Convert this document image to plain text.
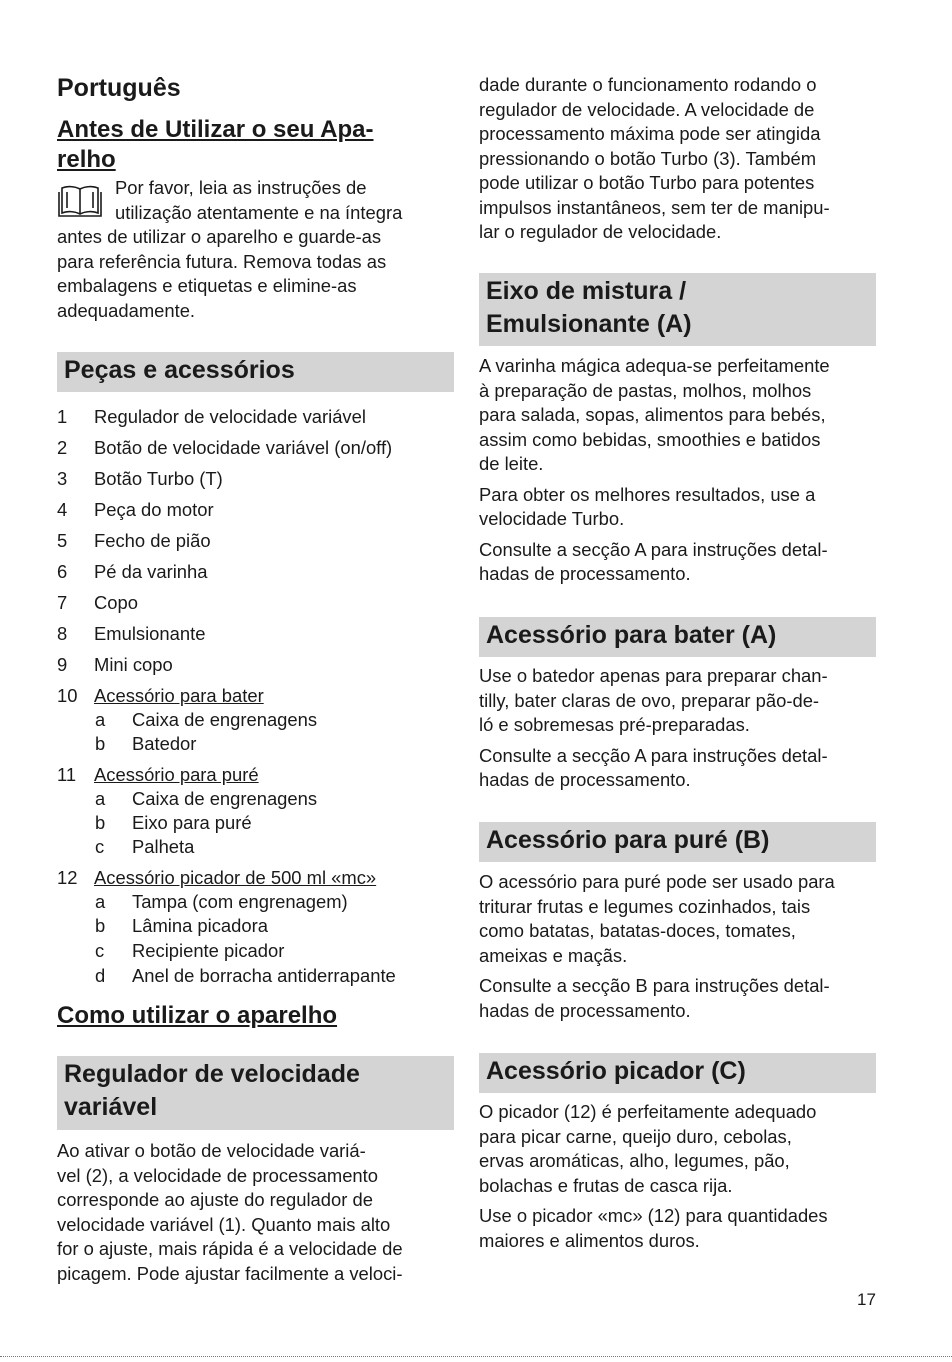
Português
Antes de Utilizar o seu Apa-
relho

Por favor, leia as instruções de

utilização atentamente e na íntegra

antes de utilizar o aparelho e guarde-as

para referência futura. Remova todas as

embalagens e etiquetas e elimine-as

adequadamente.

Peças e acessórios
1 Regulador de velocidade variável
2 Botão de velocidade variável (on/off)
3 Botão Turbo (T)
4 Peça do motor
5 Fecho de pião
6 Pé da varinha
7 Copo
8 Emulsionante
9 Mini copo
10 Acessório para bater
a Caixa de engrenagens
b Batedor
11 Acessório para puré
a Caixa de engrenagens
b Eixo para puré
c Palheta
12 Acessório picador de 500 ml «mc»
a Tampa (com engrenagem)
b Lâmina picadora
c Recipiente picador
d Anel de borracha antiderrapante
Como utilizar o aparelho
Regulador de velocidade
variável

Ao ativar o botão de velocidade variá-

vel (2), a velocidade de processamento

corresponde ao ajuste do regulador de

velocidade variável (1). Quanto mais alto

for o ajuste, mais rápida é a velocidade de

picagem. Pode ajustar facilmente a veloci-

dade durante o funcionamento rodando o

regulador de velocidade. A velocidade de

processamento máxima pode ser atingida

pressionando o botão Turbo (3). Também

pode utilizar o botão Turbo para potentes

impulsos instantâneos, sem ter de manipu-

lar o regulador de velocidade.

Eixo de mistura /
Emulsionante (A)

A varinha mágica adequa-se perfeitamente

à preparação de pastas, molhos, molhos

para salada, sopas, alimentos para bebés,

assim como bebidas, smoothies e batidos

de leite.

Para obter os melhores resultados, use a

velocidade Turbo.

Consulte a secção A para instruções detal-

hadas de processamento.

Acessório para bater (A)

Use o batedor apenas para preparar chan-

tilly, bater claras de ovo, preparar pão-de-

ló e sobremesas pré-preparadas.

Consulte a secção A para instruções detal-

hadas de processamento.

Acessório para puré (B)

O acessório para puré pode ser usado para

triturar frutas e legumes cozinhados, tais

como batatas, batatas-doces, tomates,

ameixas e maçãs.

Consulte a secção B para instruções detal-

hadas de processamento.

Acessório picador (C)

O picador (12) é perfeitamente adequado

para picar carne, queijo duro, cebolas,

ervas aromáticas, alho, legumes, pão,

bolachas e frutas de casca rija.

Use o picador «mc» (12) para quantidades

maiores e alimentos duros.

17
